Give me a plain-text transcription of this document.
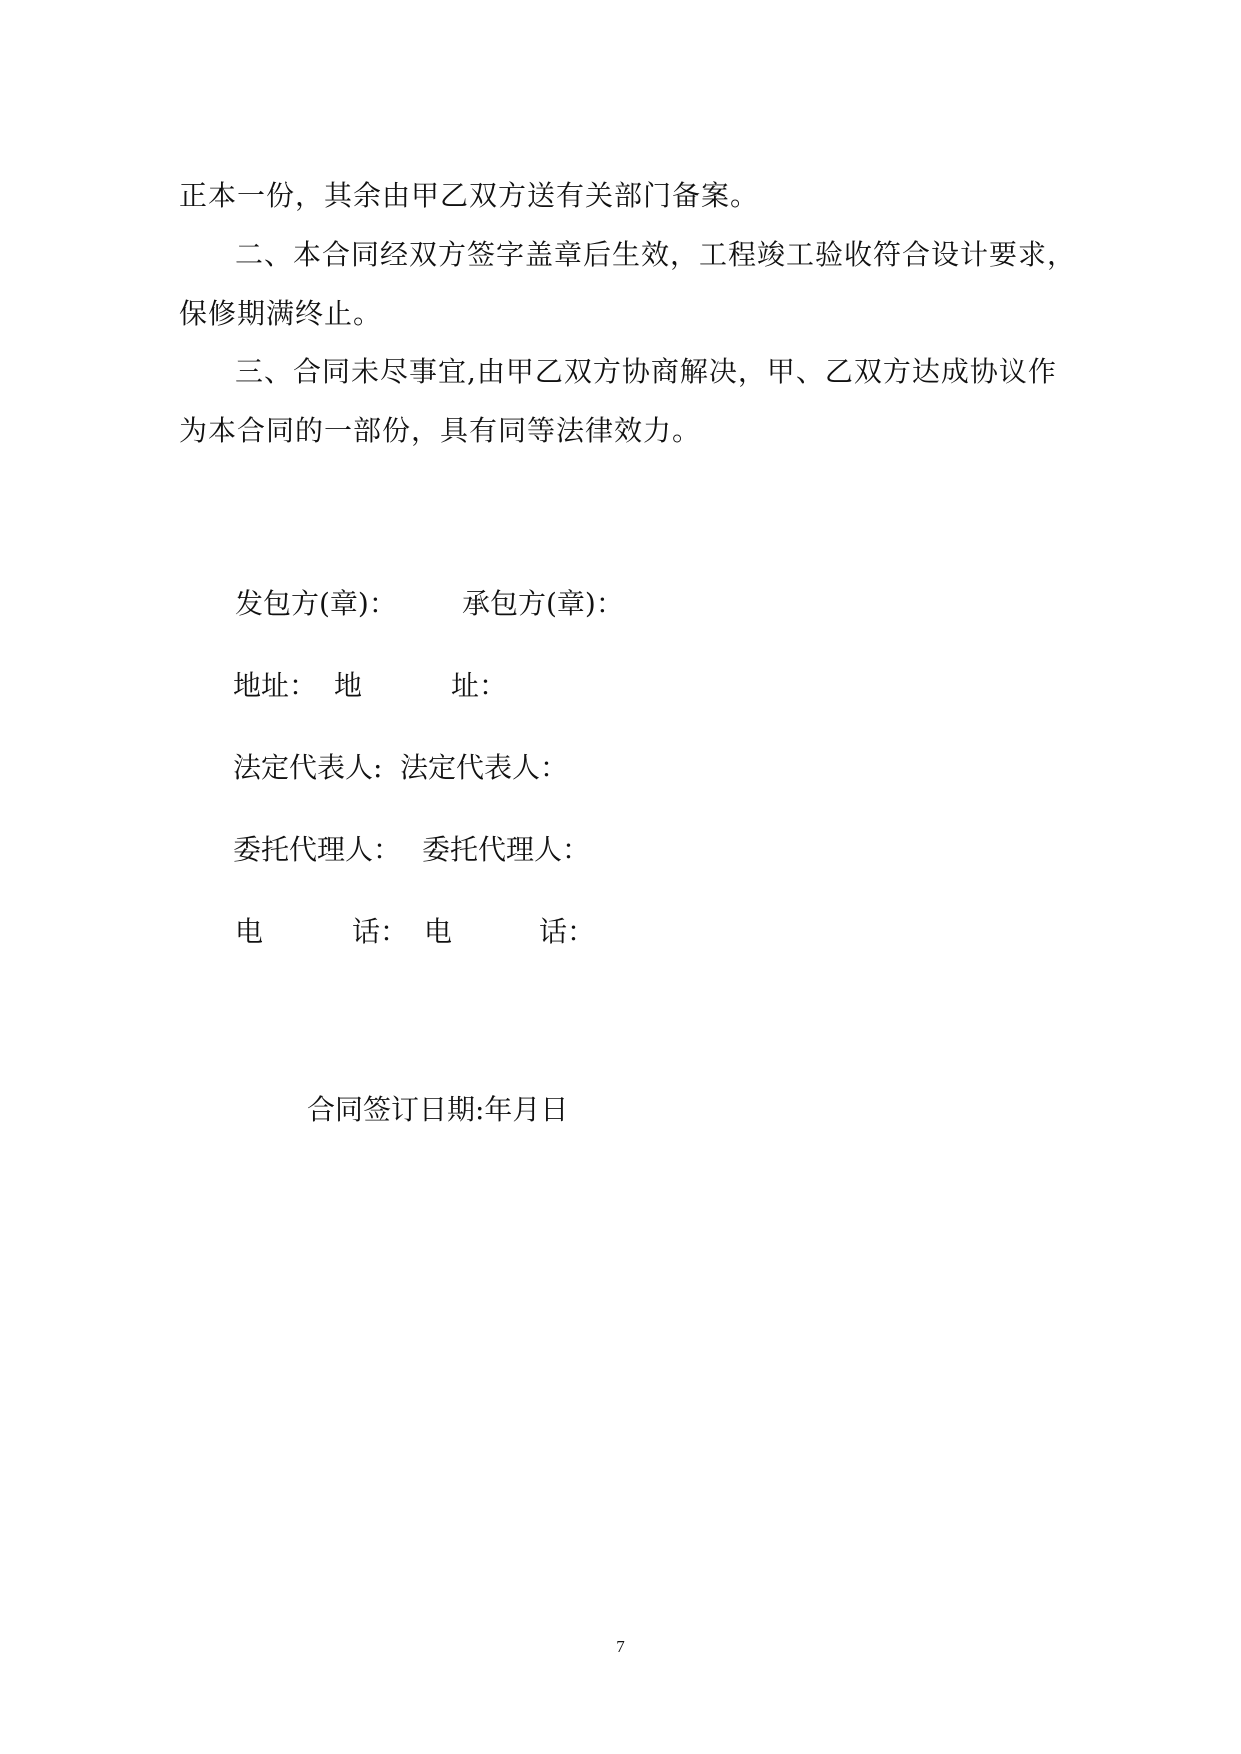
正本一份，其余由甲乙双方送有关部门备案。
二、本合同经双方签字盖章后生效，工程竣工验收符合设计要求，
保修期满终止。
三、合同未尽事宜,由甲乙双方协商解决，甲、乙双方达成协议作
为本合同的一部份，具有同等法律效力。
发包方(章)： 承包方(章)：
地址： 地	址：
法定代表人: 法定代表人：
委托代理人： 委托代理人：
电	话： 电	话：
合同签订日期:年月日
7
